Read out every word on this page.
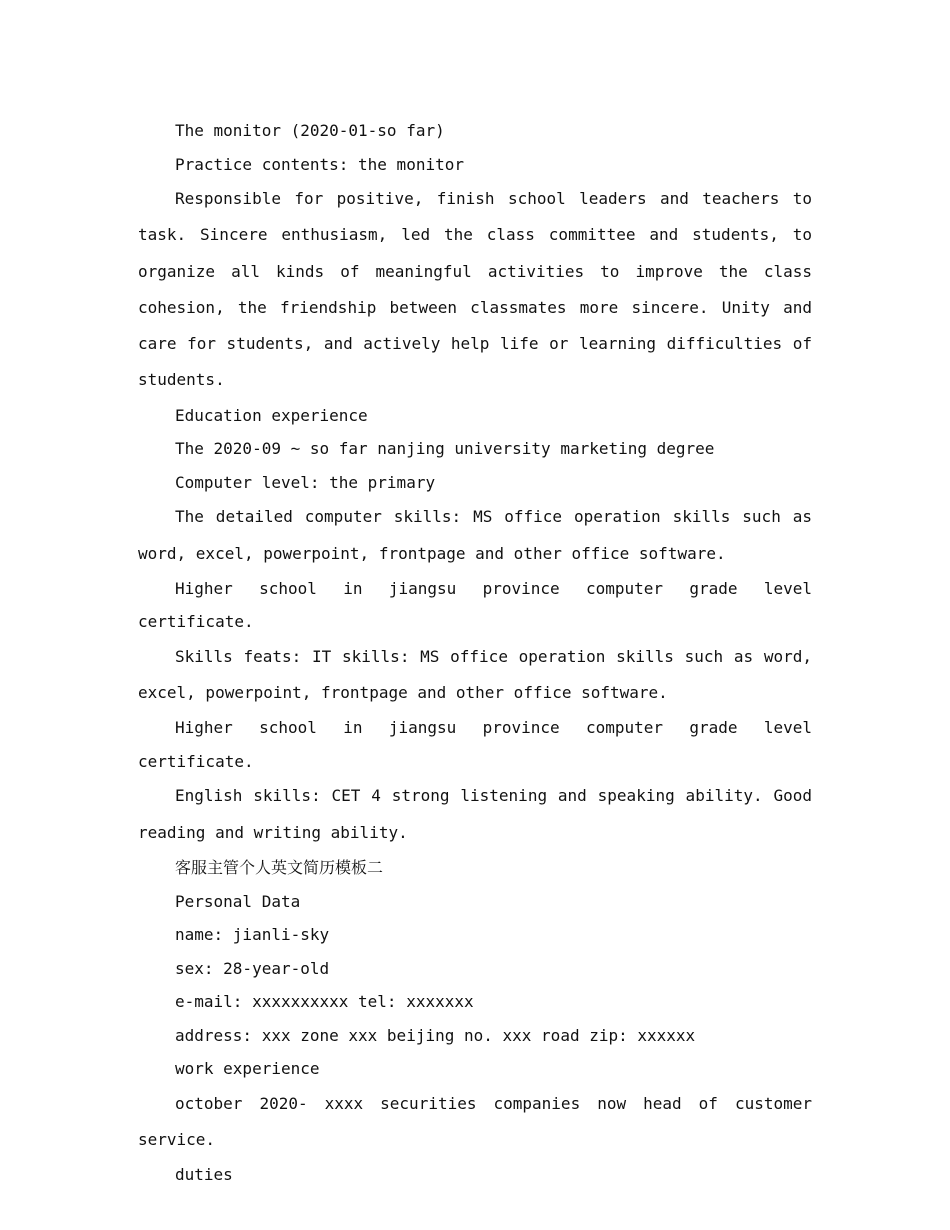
The monitor (2020-01-so far)

Practice contents: the monitor

Responsible for positive, finish school leaders and teachers to task. Sincere enthusiasm, led the class committee and students, to organize all kinds of meaningful activities to improve the class cohesion, the friendship between classmates more sincere. Unity and care for students, and actively help life or learning difficulties of students.

Education experience

The 2020-09 ~ so far nanjing university marketing degree

Computer level: the primary

The detailed computer skills: MS office operation skills such as word, excel, powerpoint, frontpage and other office software.

Higher school in jiangsu province computer grade level certificate.

Skills feats: IT skills: MS office operation skills such as word, excel, powerpoint, frontpage and other office software.

Higher school in jiangsu province computer grade level certificate.

English skills: CET 4 strong listening and speaking ability. Good reading and writing ability.

客服主管个人英文简历模板二

Personal Data

name: jianli-sky

sex: 28-year-old

e-mail: xxxxxxxxxx tel: xxxxxxx

address: xxx zone xxx beijing no. xxx road zip: xxxxxx

work experience

october 2020- xxxx securities companies now head of customer service.

duties
